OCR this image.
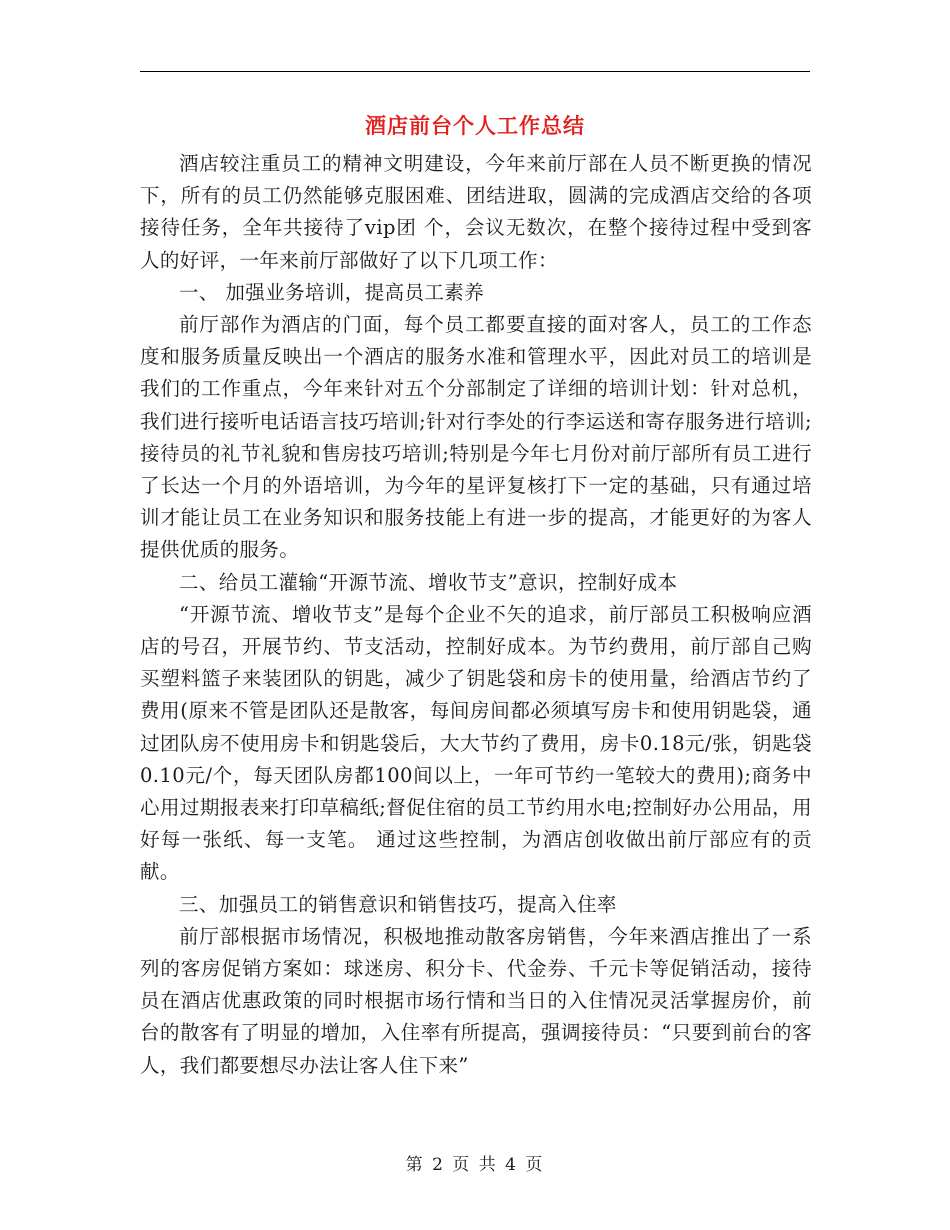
酒店前台个人工作总结

酒店较注重员工的精神文明建设，今年来前厅部在人员不断更换的情况下，所有的员工仍然能够克服困难、团结进取，圆满的完成酒店交给的各项接待任务，全年共接待了vip团 个，会议无数次，在整个接待过程中受到客人的好评，一年来前厅部做好了以下几项工作：

一、 加强业务培训，提高员工素养

前厅部作为酒店的门面，每个员工都要直接的面对客人，员工的工作态度和服务质量反映出一个酒店的服务水准和管理水平，因此对员工的培训是我们的工作重点，今年来针对五个分部制定了详细的培训计划：针对总机，我们进行接听电话语言技巧培训;针对行李处的行李运送和寄存服务进行培训;接待员的礼节礼貌和售房技巧培训;特别是今年七月份对前厅部所有员工进行了长达一个月的外语培训，为今年的星评复核打下一定的基础，只有通过培训才能让员工在业务知识和服务技能上有进一步的提高，才能更好的为客人提供优质的服务。

二、给员工灌输“开源节流、增收节支”意识，控制好成本

“开源节流、增收节支”是每个企业不矢的追求，前厅部员工积极响应酒店的号召，开展节约、节支活动，控制好成本。为节约费用，前厅部自己购买塑料篮子来装团队的钥匙，减少了钥匙袋和房卡的使用量，给酒店节约了费用(原来不管是团队还是散客，每间房间都必须填写房卡和使用钥匙袋，通过团队房不使用房卡和钥匙袋后，大大节约了费用，房卡0.18元/张，钥匙袋0.10元/个，每天团队房都100间以上，一年可节约一笔较大的费用);商务中心用过期报表来打印草稿纸;督促住宿的员工节约用水电;控制好办公用品，用好每一张纸、每一支笔。 通过这些控制，为酒店创收做出前厅部应有的贡献。

三、加强员工的销售意识和销售技巧，提高入住率

前厅部根据市场情况，积极地推动散客房销售，今年来酒店推出了一系列的客房促销方案如：球迷房、积分卡、代金券、千元卡等促销活动，接待员在酒店优惠政策的同时根据市场行情和当日的入住情况灵活掌握房价，前台的散客有了明显的增加，入住率有所提高，强调接待员：“只要到前台的客人，我们都要想尽办法让客人住下来”

第 2 页 共 4 页
